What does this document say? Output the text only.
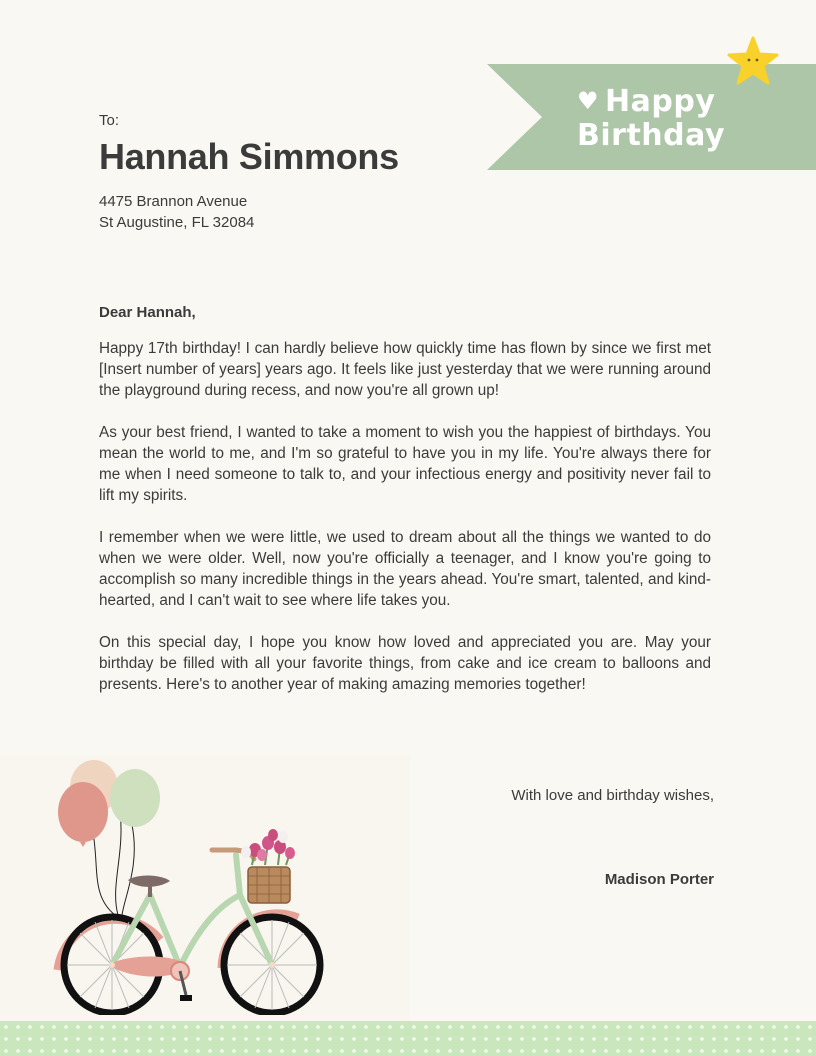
♥ Happy
Birthday
To:
Hannah Simmons
4475 Brannon Avenue
St Augustine, FL 32084
Dear Hannah,

Happy 17th birthday! I can hardly believe how quickly time has flown by since we first met [Insert number of years] years ago. It feels like just yesterday that we were running around the playground during recess, and now you're all grown up!

As your best friend, I wanted to take a moment to wish you the happiest of birthdays. You mean the world to me, and I'm so grateful to have you in my life. You're always there for me when I need someone to talk to, and your infectious energy and positivity never fail to lift my spirits.

I remember when we were little, we used to dream about all the things we wanted to do when we were older. Well, now you're officially a teenager, and I know you're going to accomplish so many incredible things in the years ahead. You're smart, talented, and kind-hearted, and I can't wait to see where life takes you.

On this special day, I hope you know how loved and appreciated you are. May your birthday be filled with all your favorite things, from cake and ice cream to balloons and presents. Here's to another year of making amazing memories together!

With love and birthday wishes,
Madison Porter
